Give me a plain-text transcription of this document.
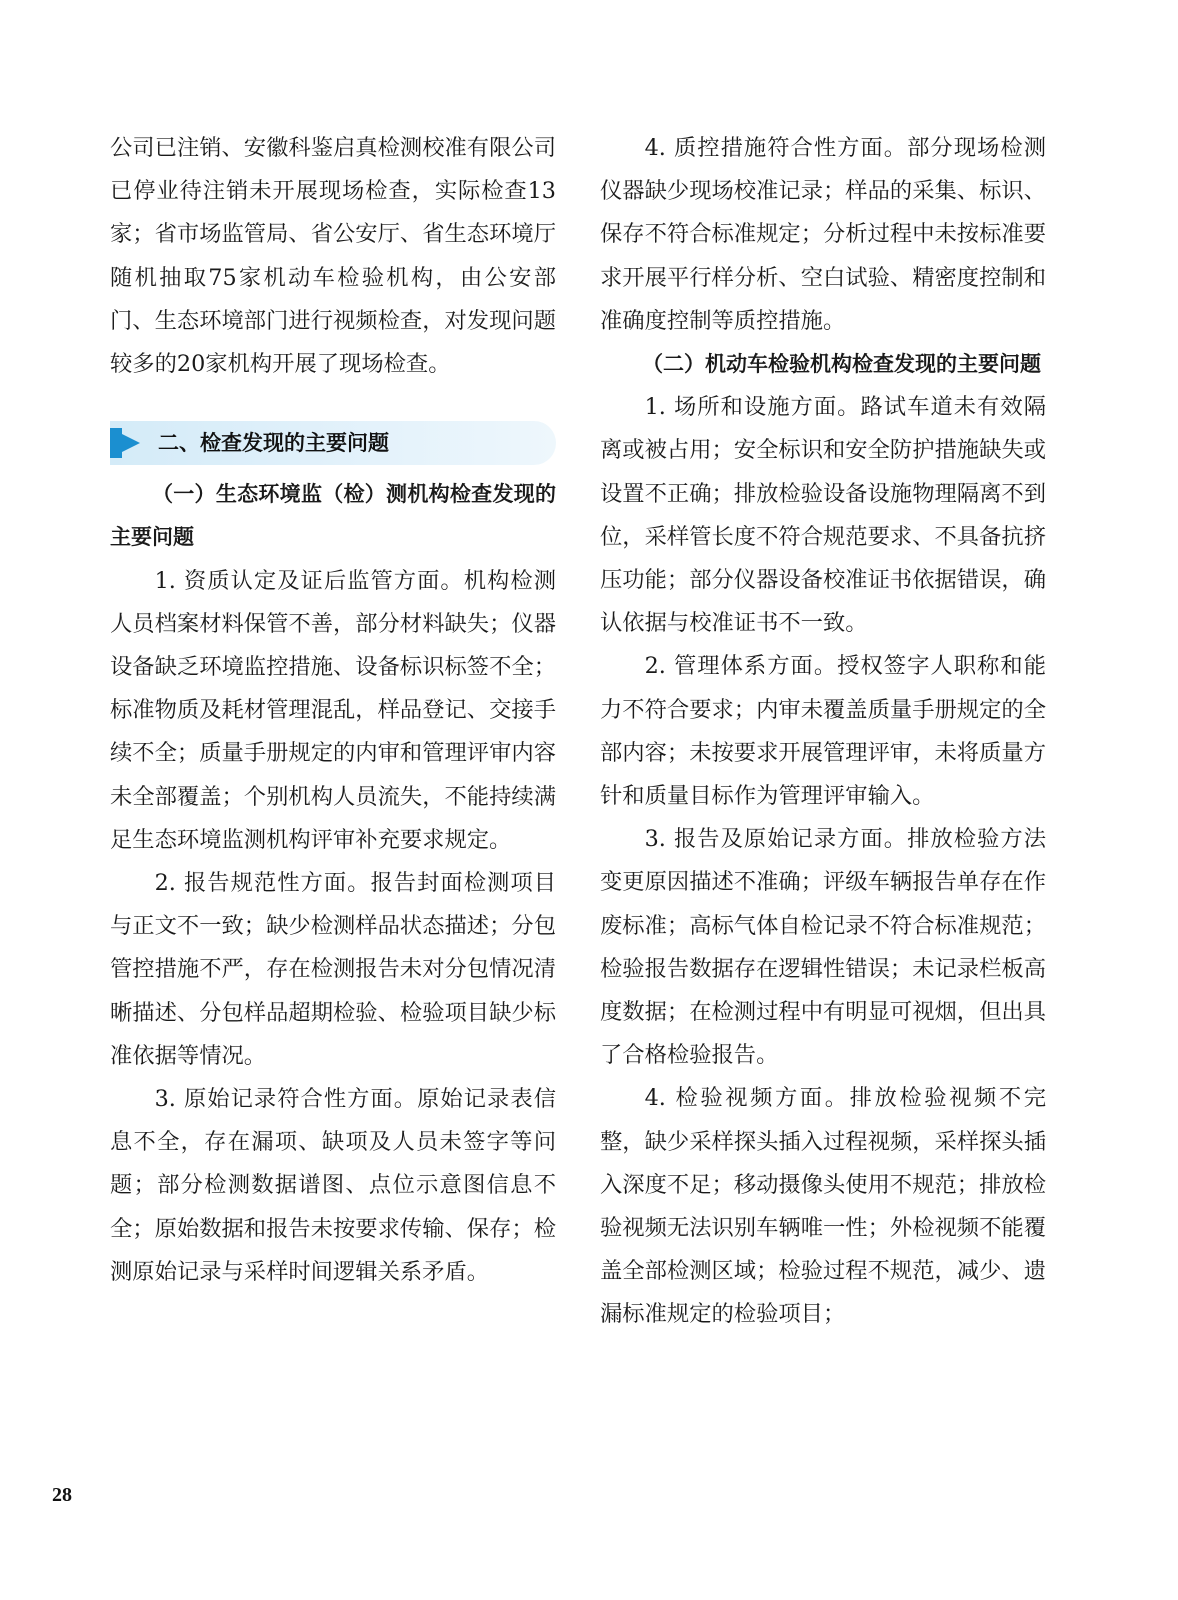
公司已注销、安徽科鉴启真检测校准有限公司已停业待注销未开展现场检查，实际检查13家；省市场监管局、省公安厅、省生态环境厅随机抽取75家机动车检验机构，由公安部门、生态环境部门进行视频检查，对发现问题较多的20家机构开展了现场检查。

二、检查发现的主要问题

（一）生态环境监（检）测机构检查发现的主要问题

1. 资质认定及证后监管方面。机构检测人员档案材料保管不善，部分材料缺失；仪器设备缺乏环境监控措施、设备标识标签不全；标准物质及耗材管理混乱，样品登记、交接手续不全；质量手册规定的内审和管理评审内容未全部覆盖；个别机构人员流失，不能持续满足生态环境监测机构评审补充要求规定。

2. 报告规范性方面。报告封面检测项目与正文不一致；缺少检测样品状态描述；分包管控措施不严，存在检测报告未对分包情况清晰描述、分包样品超期检验、检验项目缺少标准依据等情况。

3. 原始记录符合性方面。原始记录表信息不全，存在漏项、缺项及人员未签字等问题；部分检测数据谱图、点位示意图信息不全；原始数据和报告未按要求传输、保存；检测原始记录与采样时间逻辑关系矛盾。

4. 质控措施符合性方面。部分现场检测仪器缺少现场校准记录；样品的采集、标识、保存不符合标准规定；分析过程中未按标准要求开展平行样分析、空白试验、精密度控制和准确度控制等质控措施。

（二）机动车检验机构检查发现的主要问题

1. 场所和设施方面。路试车道未有效隔离或被占用；安全标识和安全防护措施缺失或设置不正确；排放检验设备设施物理隔离不到位，采样管长度不符合规范要求、不具备抗挤压功能；部分仪器设备校准证书依据错误，确认依据与校准证书不一致。

2. 管理体系方面。授权签字人职称和能力不符合要求；内审未覆盖质量手册规定的全部内容；未按要求开展管理评审，未将质量方针和质量目标作为管理评审输入。

3. 报告及原始记录方面。排放检验方法变更原因描述不准确；评级车辆报告单存在作废标准；高标气体自检记录不符合标准规范；检验报告数据存在逻辑性错误；未记录栏板高度数据；在检测过程中有明显可视烟，但出具了合格检验报告。

4. 检验视频方面。排放检验视频不完整，缺少采样探头插入过程视频，采样探头插入深度不足；移动摄像头使用不规范；排放检验视频无法识别车辆唯一性；外检视频不能覆盖全部检测区域；检验过程不规范，减少、遗漏标准规定的检验项目；

28
